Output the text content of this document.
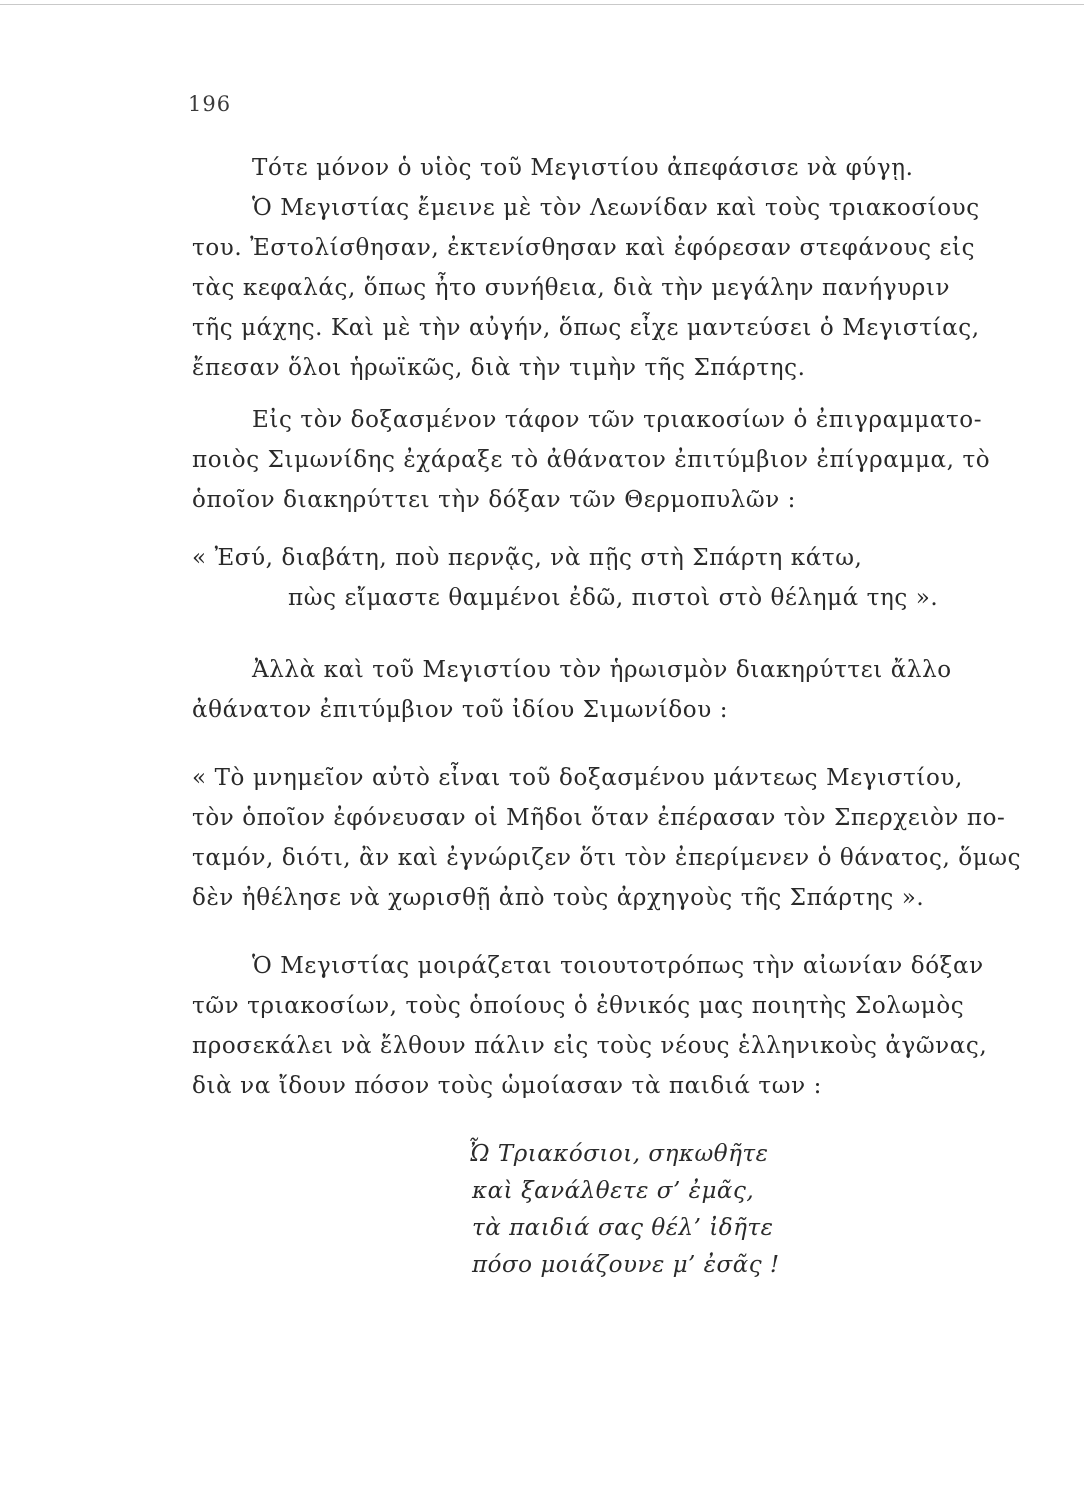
196
Τότε μόνον ὁ υἱὸς τοῦ Μεγιστίου ἀπεφάσισε νὰ φύγῃ.
Ὁ Μεγιστίας ἔμεινε μὲ τὸν Λεωνίδαν καὶ τοὺς τριακοσίους
του. Ἐστολίσθησαν, ἐκτενίσθησαν καὶ ἐφόρεσαν στεφάνους εἰς
τὰς κεφαλάς, ὅπως ἦτο συνήθεια, διὰ τὴν μεγάλην πανήγυριν
τῆς μάχης. Καὶ μὲ τὴν αὐγήν, ὅπως εἶχε μαντεύσει ὁ Μεγιστίας,
ἔπεσαν ὅλοι ἡρωϊκῶς, διὰ τὴν τιμὴν τῆς Σπάρτης.
Εἰς τὸν δοξασμένον τάφον τῶν τριακοσίων ὁ ἐπιγραμματο-
ποιὸς Σιμωνίδης ἐχάραξε τὸ ἀθάνατον ἐπιτύμβιον ἐπίγραμμα, τὸ
ὁποῖον διακηρύττει τὴν δόξαν τῶν Θερμοπυλῶν :
« Ἐσύ, διαβάτη, ποὺ περνᾷς, νὰ πῇς στὴ Σπάρτη κάτω,
πὼς εἴμαστε θαμμένοι ἐδῶ, πιστοὶ στὸ θέλημά της ».
Ἀλλὰ καὶ τοῦ Μεγιστίου τὸν ἡρωισμὸν διακηρύττει ἄλλο
ἀθάνατον ἐπιτύμβιον τοῦ ἰδίου Σιμωνίδου :
« Τὸ μνημεῖον αὐτὸ εἶναι τοῦ δοξασμένου μάντεως Μεγιστίου,
τὸν ὁποῖον ἐφόνευσαν οἱ Μῆδοι ὅταν ἐπέρασαν τὸν Σπερχειὸν πο-
ταμόν, διότι, ἂν καὶ ἐγνώριζεν ὅτι τὸν ἐπερίμενεν ὁ θάνατος, ὅμως
δὲν ἠθέλησε νὰ χωρισθῇ ἀπὸ τοὺς ἀρχηγοὺς τῆς Σπάρτης ».
Ὁ Μεγιστίας μοιράζεται τοιουτοτρόπως τὴν αἰωνίαν δόξαν
τῶν τριακοσίων, τοὺς ὁποίους ὁ ἐθνικός μας ποιητὴς Σολωμὸς
προσεκάλει νὰ ἔλθουν πάλιν εἰς τοὺς νέους ἑλληνικοὺς ἀγῶνας,
διὰ να ἴδουν πόσον τοὺς ὡμοίασαν τὰ παιδιά των :
Ὦ Τριακόσιοι, σηκωθῆτε
καὶ ξανάλθετε σ’ ἐμᾶς,
τὰ παιδιά σας θέλ’ ἰδῆτε
πόσο μοιάζουνε μ’ ἐσᾶς !
